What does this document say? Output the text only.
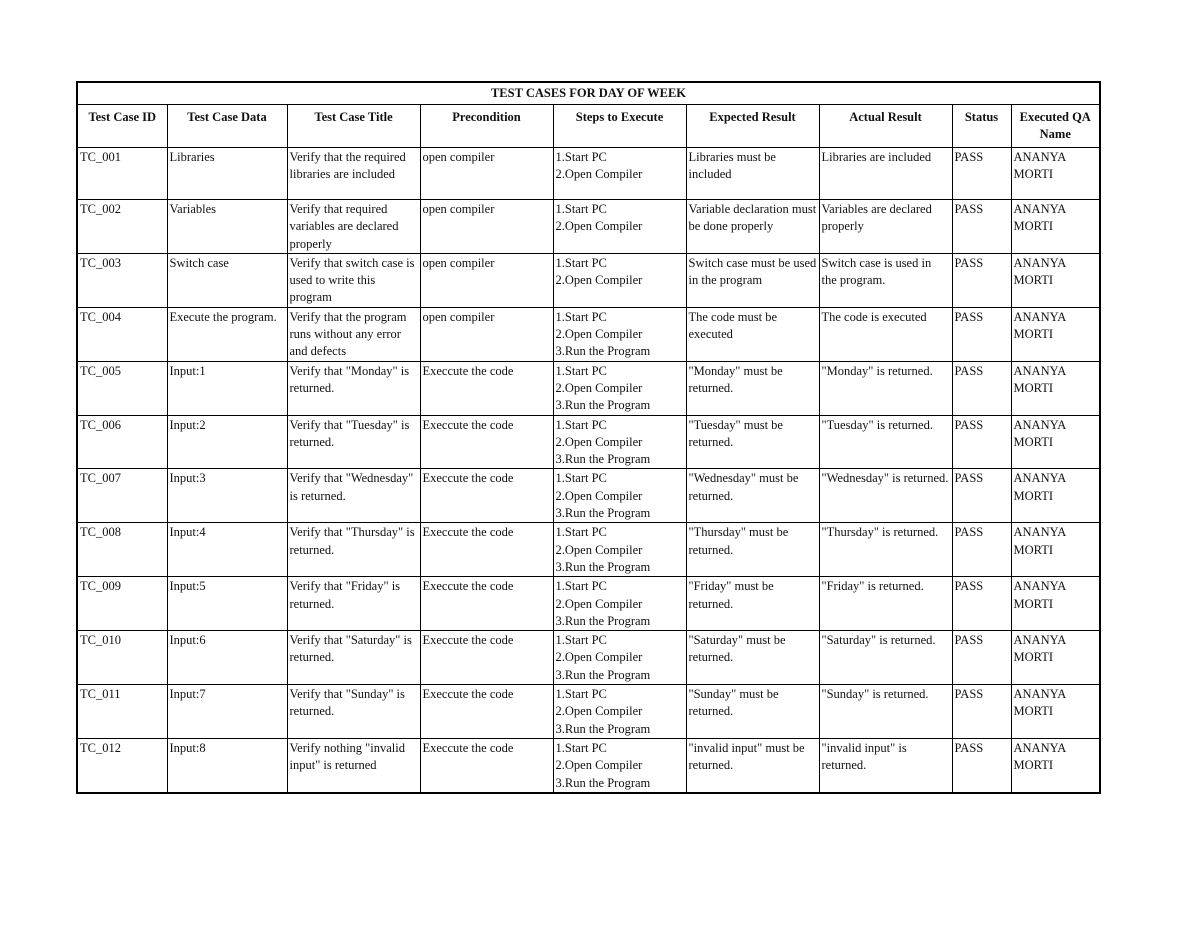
TEST CASES FOR DAY OF WEEK								
Test Case ID	Test Case Data	Test Case Title	Precondition	Steps to Execute	Expected Result	Actual Result	Status	Executed QA Name
TC_001	Libraries	Verify that the required libraries are included	open compiler	1.Start PC
2.Open Compiler	Libraries must be included	Libraries are included	PASS	ANANYA MORTI
TC_002	Variables	Verify that required variables are declared properly	open compiler	1.Start PC
2.Open Compiler	Variable declaration must be done properly	Variables are declared properly	PASS	ANANYA MORTI
TC_003	Switch case	Verify that switch case is used to write this program	open compiler	1.Start PC
2.Open Compiler	Switch case must be used in the program	Switch case is used in the program.	PASS	ANANYA MORTI
TC_004	Execute the program.	Verify that the program runs without any error and defects	open compiler	1.Start PC
2.Open Compiler
3.Run the Program	The code must be executed	The code is executed	PASS	ANANYA MORTI
TC_005	Input:1	Verify that "Monday" is returned.	Execcute the code	1.Start PC
2.Open Compiler
3.Run the Program	"Monday" must be returned.	"Monday" is returned.	PASS	ANANYA MORTI
TC_006	Input:2	Verify that "Tuesday" is returned.	Execcute the code	1.Start PC
2.Open Compiler
3.Run the Program	"Tuesday" must be returned.	"Tuesday" is returned.	PASS	ANANYA MORTI
TC_007	Input:3	Verify that "Wednesday" is returned.	Execcute the code	1.Start PC
2.Open Compiler
3.Run the Program	"Wednesday" must be returned.	"Wednesday" is returned.	PASS	ANANYA MORTI
TC_008	Input:4	Verify that "Thursday" is returned.	Execcute the code	1.Start PC
2.Open Compiler
3.Run the Program	"Thursday" must be returned.	"Thursday" is returned.	PASS	ANANYA MORTI
TC_009	Input:5	Verify that "Friday" is returned.	Execcute the code	1.Start PC
2.Open Compiler
3.Run the Program	"Friday" must be returned.	"Friday" is returned.	PASS	ANANYA MORTI
TC_010	Input:6	Verify that "Saturday" is returned.	Execcute the code	1.Start PC
2.Open Compiler
3.Run the Program	"Saturday" must be returned.	"Saturday" is returned.	PASS	ANANYA MORTI
TC_011	Input:7	Verify that "Sunday" is returned.	Execcute the code	1.Start PC
2.Open Compiler
3.Run the Program	"Sunday" must be returned.	"Sunday" is returned.	PASS	ANANYA MORTI
TC_012	Input:8	Verify nothing "invalid input" is returned	Execcute the code	1.Start PC
2.Open Compiler
3.Run the Program	"invalid input" must be returned.	"invalid input" is returned.	PASS	ANANYA MORTI
